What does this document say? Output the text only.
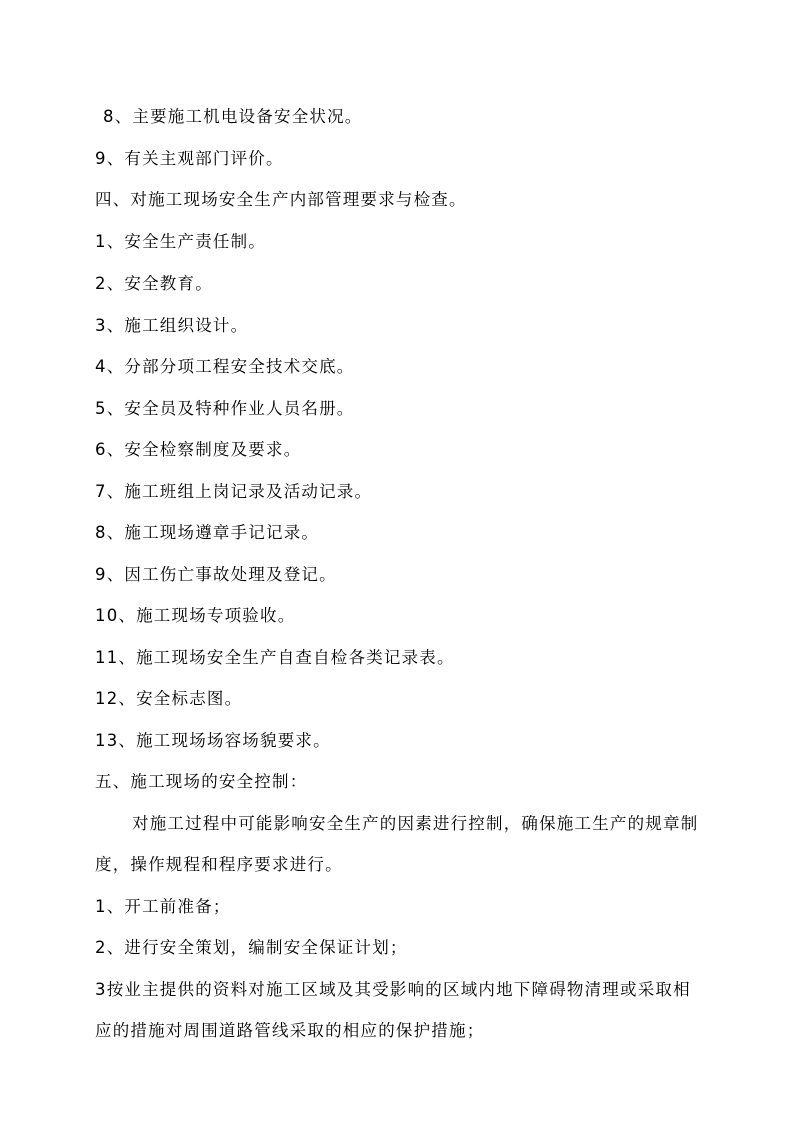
8、主要施工机电设备安全状况。

9、有关主观部门评价。

四、对施工现场安全生产内部管理要求与检查。

1、安全生产责任制。

2、安全教育。

3、施工组织设计。

4、分部分项工程安全技术交底。

5、安全员及特种作业人员名册。

6、安全检察制度及要求。

7、施工班组上岗记录及活动记录。

8、施工现场遵章手记记录。

9、因工伤亡事故处理及登记。

10、施工现场专项验收。

11、施工现场安全生产自查自检各类记录表。

12、安全标志图。

13、施工现场场容场貌要求。

五、施工现场的安全控制：

对施工过程中可能影响安全生产的因素进行控制，确保施工生产的规章制

度，操作规程和程序要求进行。

1、开工前准备；

2、进行安全策划，编制安全保证计划；

3按业主提供的资料对施工区域及其受影响的区域内地下障碍物清理或采取相

应的措施对周围道路管线采取的相应的保护措施；
